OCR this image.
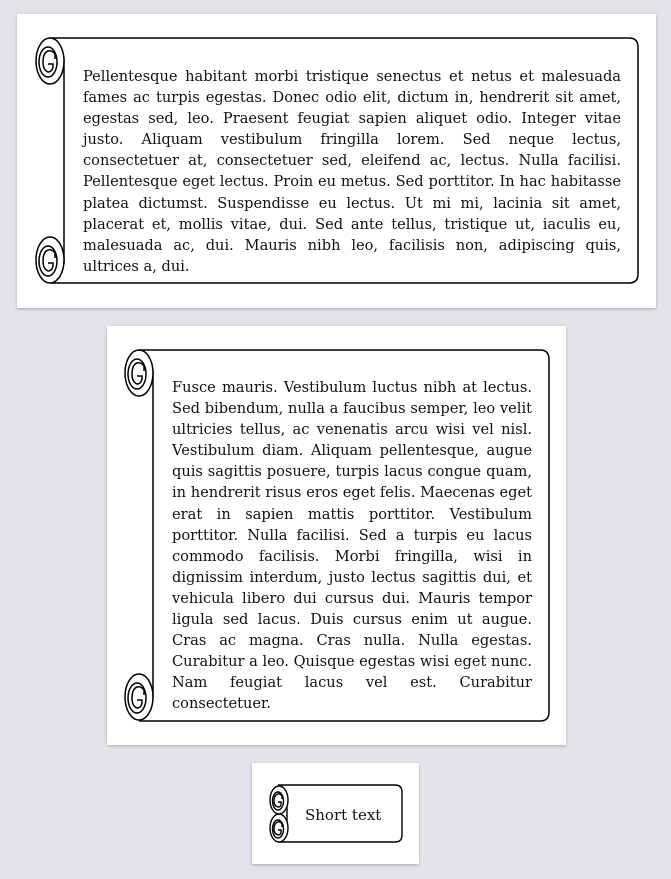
Pellentesque habitant morbi tristique senectus et netus et malesuada fames ac turpis egestas. Donec odio elit, dictum in, hendrerit sit amet, egestas sed, leo. Praesent feugiat sapien aliquet odio. Integer vitae justo. Aliquam vestibulum fringilla lorem. Sed neque lectus, consectetuer at, consectetuer sed, eleifend ac, lectus. Nulla facilisi. Pellentesque eget lectus. Proin eu metus. Sed porttitor. In hac habitasse platea dictumst. Suspendisse eu lectus. Ut mi mi, lacinia sit amet, placerat et, mollis vitae, dui. Sed ante tellus, tristique ut, iaculis eu, malesuada ac, dui. Mauris nibh leo, facilisis non, adipiscing quis, ultrices a, dui.

Fusce mauris. Vestibulum luctus nibh at lectus. Sed bibendum, nulla a faucibus semper, leo velit ultricies tellus, ac venenatis arcu wisi vel nisl. Vestibulum diam. Aliquam pellentesque, augue quis sagittis posuere, turpis lacus congue quam, in hendrerit risus eros eget felis. Maecenas eget erat in sapien mattis porttitor. Vestibulum porttitor. Nulla facilisi. Sed a turpis eu lacus commodo facilisis. Morbi fringilla, wisi in dignissim interdum, justo lectus sagittis dui, et vehicula libero dui cursus dui. Mauris tempor ligula sed lacus. Duis cursus enim ut augue. Cras ac magna. Cras nulla. Nulla egestas. Curabitur a leo. Quisque egestas wisi eget nunc. Nam feugiat lacus vel est. Curabitur consectetuer.

Short text
